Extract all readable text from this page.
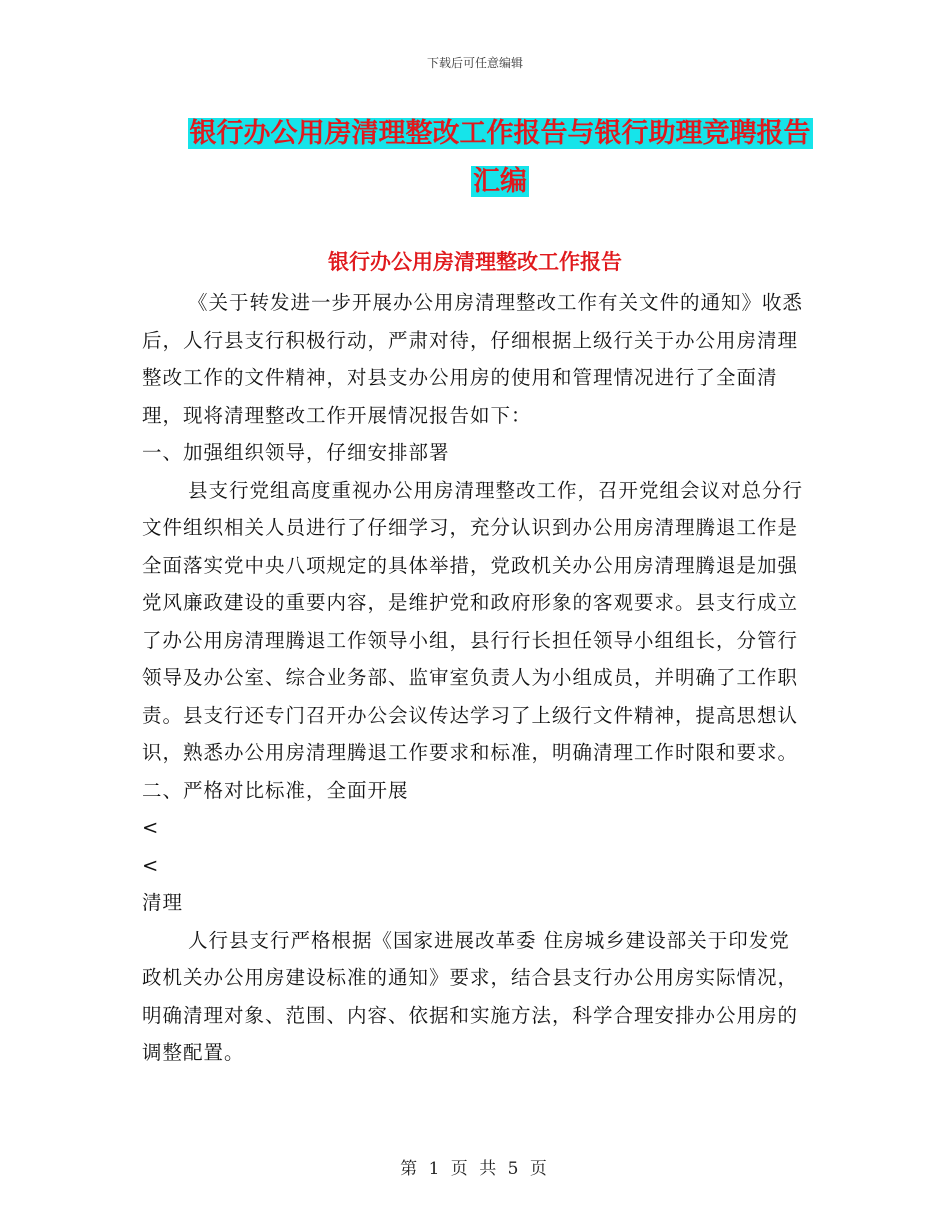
下载后可任意编辑
银行办公用房清理整改工作报告与银行助理竞聘报告
汇编
银行办公用房清理整改工作报告

《关于转发进一步开展办公用房清理整改工作有关文件的通知》收悉后，人行县支行积极行动，严肃对待，仔细根据上级行关于办公用房清理整改工作的文件精神，对县支办公用房的使用和管理情况进行了全面清理，现将清理整改工作开展情况报告如下：

一、加强组织领导，仔细安排部署

县支行党组高度重视办公用房清理整改工作，召开党组会议对总分行文件组织相关人员进行了仔细学习，充分认识到办公用房清理腾退工作是全面落实党中央八项规定的具体举措，党政机关办公用房清理腾退是加强党风廉政建设的重要内容，是维护党和政府形象的客观要求。县支行成立了办公用房清理腾退工作领导小组，县行行长担任领导小组组长，分管行领导及办公室、综合业务部、监审室负责人为小组成员，并明确了工作职责。县支行还专门召开办公会议传达学习了上级行文件精神，提高思想认识，熟悉办公用房清理腾退工作要求和标准，明确清理工作时限和要求。

二、严格对比标准，全面开展

<

<

清理

人行县支行严格根据《国家进展改革委 住房城乡建设部关于印发党政机关办公用房建设标准的通知》要求，结合县支行办公用房实际情况，明确清理对象、范围、内容、依据和实施方法，科学合理安排办公用房的调整配置。

第 1 页 共 5 页
